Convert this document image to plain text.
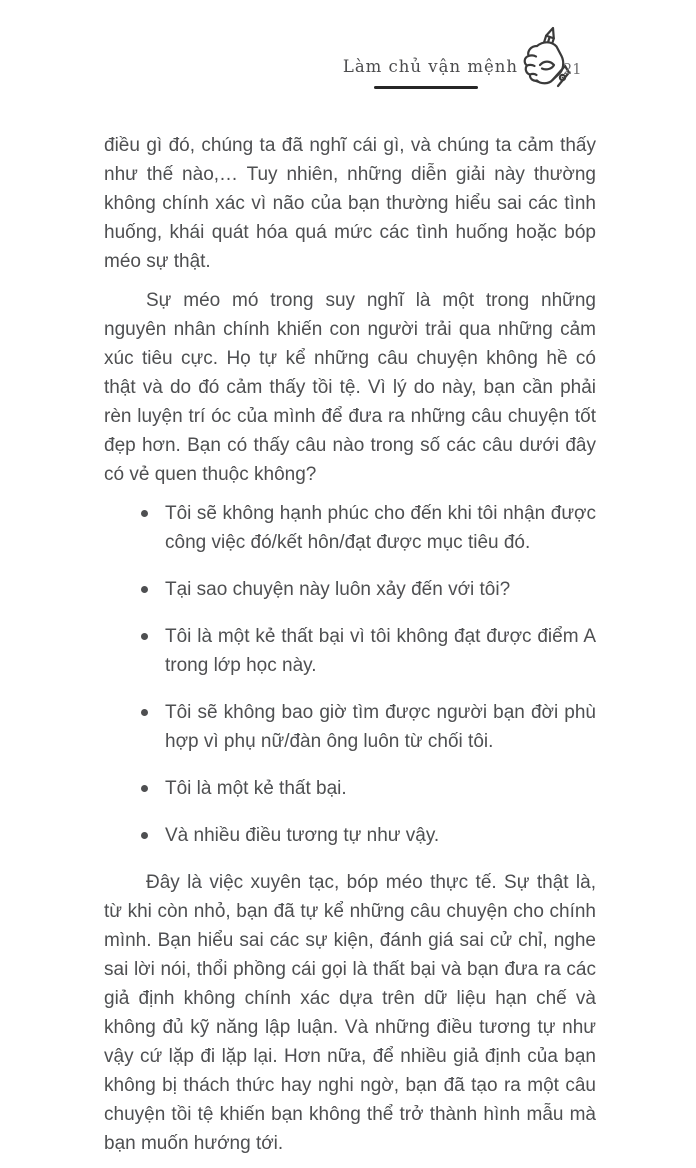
Làm chủ vận mệnh	21

điều gì đó, chúng ta đã nghĩ cái gì, và chúng ta cảm thấy như thế nào,… Tuy nhiên, những diễn giải này thường không chính xác vì não của bạn thường hiểu sai các tình huống, khái quát hóa quá mức các tình huống hoặc bóp méo sự thật.

Sự méo mó trong suy nghĩ là một trong những nguyên nhân chính khiến con người trải qua những cảm xúc tiêu cực. Họ tự kể những câu chuyện không hề có thật và do đó cảm thấy tồi tệ. Vì lý do này, bạn cần phải rèn luyện trí óc của mình để đưa ra những câu chuyện tốt đẹp hơn. Bạn có thấy câu nào trong số các câu dưới đây có vẻ quen thuộc không?

Tôi sẽ không hạnh phúc cho đến khi tôi nhận được công việc đó/kết hôn/đạt được mục tiêu đó.
Tại sao chuyện này luôn xảy đến với tôi?
Tôi là một kẻ thất bại vì tôi không đạt được điểm A trong lớp học này.
Tôi sẽ không bao giờ tìm được người bạn đời phù hợp vì phụ nữ/đàn ông luôn từ chối tôi.
Tôi là một kẻ thất bại.
Và nhiều điều tương tự như vậy.

Đây là việc xuyên tạc, bóp méo thực tế. Sự thật là, từ khi còn nhỏ, bạn đã tự kể những câu chuyện cho chính mình. Bạn hiểu sai các sự kiện, đánh giá sai cử chỉ, nghe sai lời nói, thổi phồng cái gọi là thất bại và bạn đưa ra các giả định không chính xác dựa trên dữ liệu hạn chế và không đủ kỹ năng lập luận. Và những điều tương tự như vậy cứ lặp đi lặp lại. Hơn nữa, để nhiều giả định của bạn không bị thách thức hay nghi ngờ, bạn đã tạo ra một câu chuyện tồi tệ khiến bạn không thể trở thành hình mẫu mà bạn muốn hướng tới.
